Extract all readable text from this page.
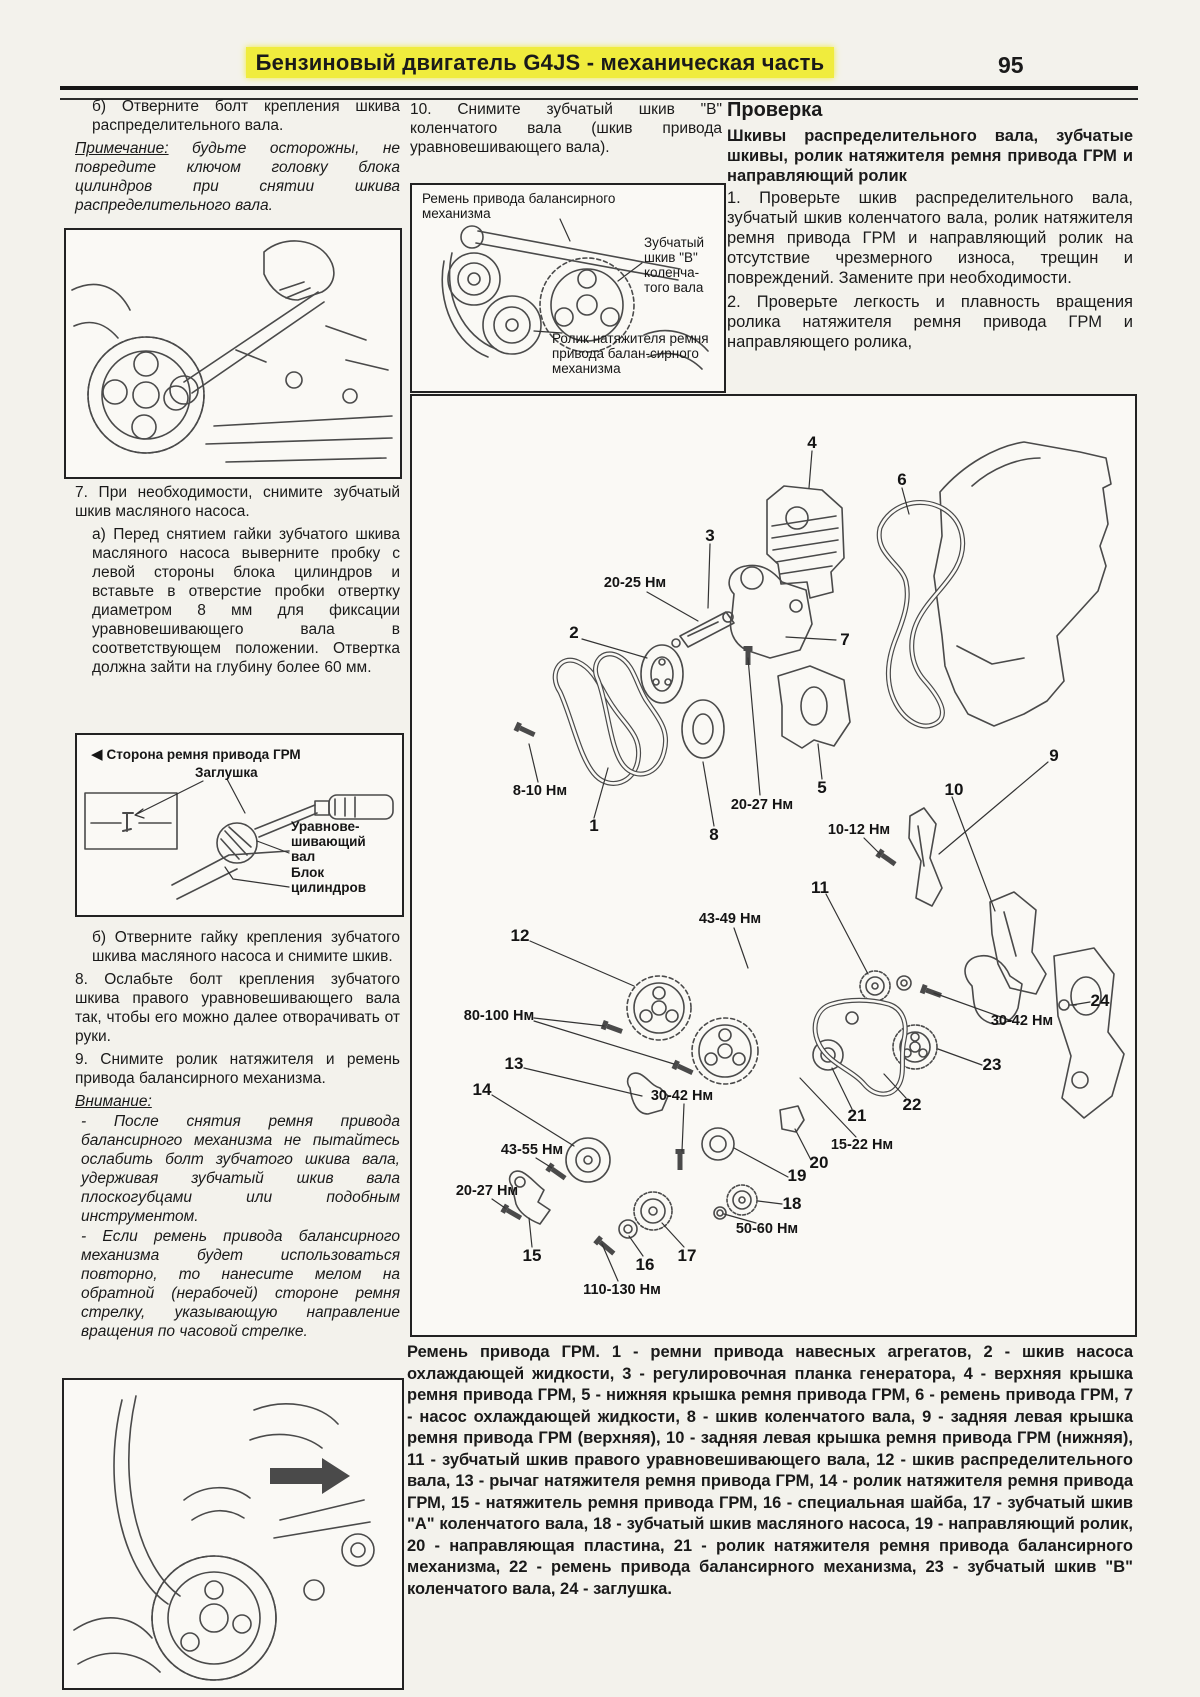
Бензиновый двигатель G4JS - механическая часть	95

б) Отверните болт крепления шкива распределительного вала.

Примечание: будьте осторожны, не повредите ключом головку блока цилиндров при снятии шкива распределительного вала.

7. При необходимости, снимите зубчатый шкив масляного насоса.

а) Перед снятием гайки зубчатого шкива масляного насоса выверните пробку с левой стороны блока цилиндров и вставьте в отверстие пробки отвертку диаметром 8 мм для фиксации уравновешивающего вала в соответствующем положении. Отвертка должна зайти на глубину более 60 мм.

◀ Сторона ремня привода ГРМ
Заглушка
Уравнове-шивающий вал
Блок цилиндров

б) Отверните гайку крепления зубчатого шкива масляного насоса и снимите шкив.

8. Ослабьте болт крепления зубчатого шкива правого уравновешивающего вала так, чтобы его можно далее отворачивать от руки.

9. Снимите ролик натяжителя и ремень привода балансирного механизма.

Внимание:

- После снятия ремня привода балансирного механизма не пытайтесь ослабить болт зубчатого шкива вала, удерживая зубчатый шкив вала плоскогубцами или подобным инструментом.

- Если ремень привода балансирного механизма будет использоваться повторно, то нанесите мелом на обратной (нерабочей) стороне ремня стрелку, указывающую направление вращения по часовой стрелке.

10. Снимите зубчатый шкив "В" коленчатого вала (шкив привода уравновешивающего вала).

Ремень привода балансирного механизма
Зубчатый шкив "В" коленча-того вала
Ролик натяжителя ремня привода балан-сирного механизма
Проверка

Шкивы распределительного вала, зубчатые шкивы, ролик натяжителя ремня привода ГРМ и направляющий ролик

1. Проверьте шкив распределительного вала, зубчатый шкив коленчатого вала, ролик натяжителя ремня привода ГРМ и направляющий ролик на отсутствие чрезмерного износа, трещин и повреждений. Замените при необходимости.

2. Проверьте легкость и плавность вращения ролика натяжителя ремня привода ГРМ и направляющего ролика,

1
2
3
4
5
6
7
8
9
10
11
12
13
14
15	16 17
18
19
20
21
22
23
24
20-25 Нм
8-10 Нм
20-27 Нм
10-12 Нм
43-49 Нм
80-100 Нм	30-42 Нм
30-42 Нм
43-55 Нм
20-27 Нм
15-22 Нм
50-60 Нм
110-130 Нм
Ремень привода ГРМ. 1 - ремни привода навесных агрегатов, 2 - шкив насоса охлаждающей жидкости, 3 - регулировочная планка генератора, 4 - верхняя крышка ремня привода ГРМ, 5 - нижняя крышка ремня привода ГРМ, 6 - ремень привода ГРМ, 7 - насос охлаждающей жидкости, 8 - шкив коленчатого вала, 9 - задняя левая крышка ремня привода ГРМ (верхняя), 10 - задняя левая крышка ремня привода ГРМ (нижняя), 11 - зубчатый шкив правого уравновешивающего вала, 12 - шкив распределительного вала, 13 - рычаг натяжителя ремня привода ГРМ, 14 - ролик натяжителя ремня привода ГРМ, 15 - натяжитель ремня привода ГРМ, 16 - специальная шайба, 17 - зубчатый шкив "А" коленчатого вала, 18 - зубчатый шкив масляного насоса, 19 - направляющий ролик, 20 - направляющая пластина, 21 - ролик натяжителя ремня привода балансирного механизма, 22 - ремень привода балансирного механизма, 23 - зубчатый шкив "В" коленчатого вала, 24 - заглушка.
